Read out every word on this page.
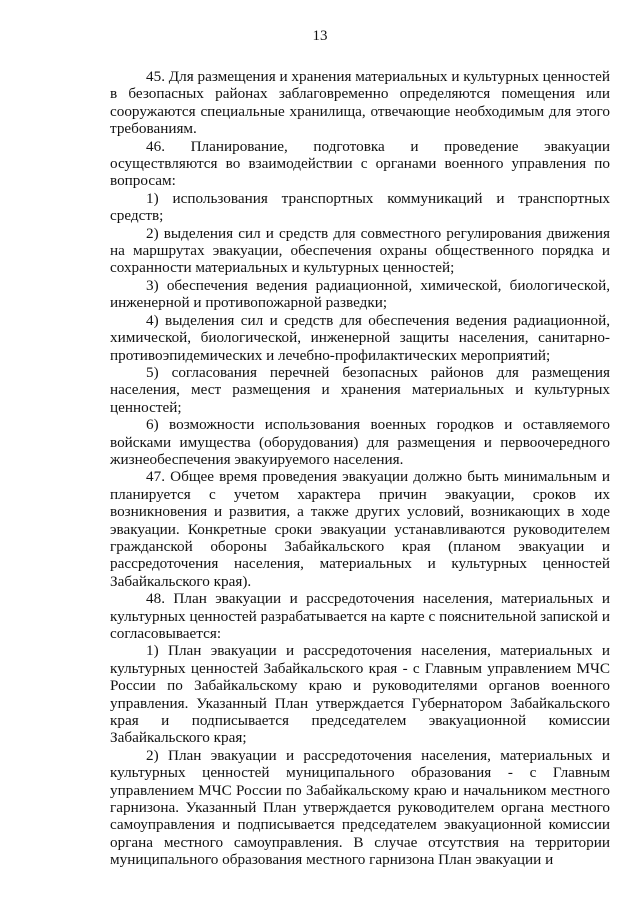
13

45. Для размещения и хранения материальных и культурных ценностей в безопасных районах заблаговременно определяются помещения или сооружаются специальные хранилища, отвечающие необходимым для этого требованиям.

46. Планирование, подготовка и проведение эвакуации осуществляются во взаимодействии с органами военного управления по вопросам:

1) использования транспортных коммуникаций и транспортных средств;

2) выделения сил и средств для совместного регулирования движения на маршрутах эвакуации, обеспечения охраны общественного порядка и сохранности материальных и культурных ценностей;

3) обеспечения ведения радиационной, химической, биологической, инженерной и противопожарной разведки;

4) выделения сил и средств для обеспечения ведения радиационной, химической, биологической, инженерной защиты населения, санитарно-противоэпидемических и лечебно-профилактических мероприятий;

5) согласования перечней безопасных районов для размещения населения, мест размещения и хранения материальных и культурных ценностей;

6) возможности использования военных городков и оставляемого войсками имущества (оборудования) для размещения и первоочередного жизнеобеспечения эвакуируемого населения.

47. Общее время проведения эвакуации должно быть минимальным и планируется с учетом характера причин эвакуации, сроков их возникновения и развития, а также других условий, возникающих в ходе эвакуации. Конкретные сроки эвакуации устанавливаются руководителем гражданской обороны Забайкальского края (планом эвакуации и рассредоточения населения, материальных и культурных ценностей Забайкальского края).

48. План эвакуации и рассредоточения населения, материальных и культурных ценностей разрабатывается на карте с пояснительной запиской и согласовывается:

1) План эвакуации и рассредоточения населения, материальных и культурных ценностей Забайкальского края - с Главным управлением МЧС России по Забайкальскому краю и руководителями органов военного управления. Указанный План утверждается Губернатором Забайкальского края и подписывается председателем эвакуационной комиссии Забайкальского края;

2) План эвакуации и рассредоточения населения, материальных и культурных ценностей муниципального образования - с Главным управлением МЧС России по Забайкальскому краю и начальником местного гарнизона. Указанный План утверждается руководителем органа местного самоуправления и подписывается председателем эвакуационной комиссии органа местного самоуправления. В случае отсутствия на территории муниципального образования местного гарнизона План эвакуации и
